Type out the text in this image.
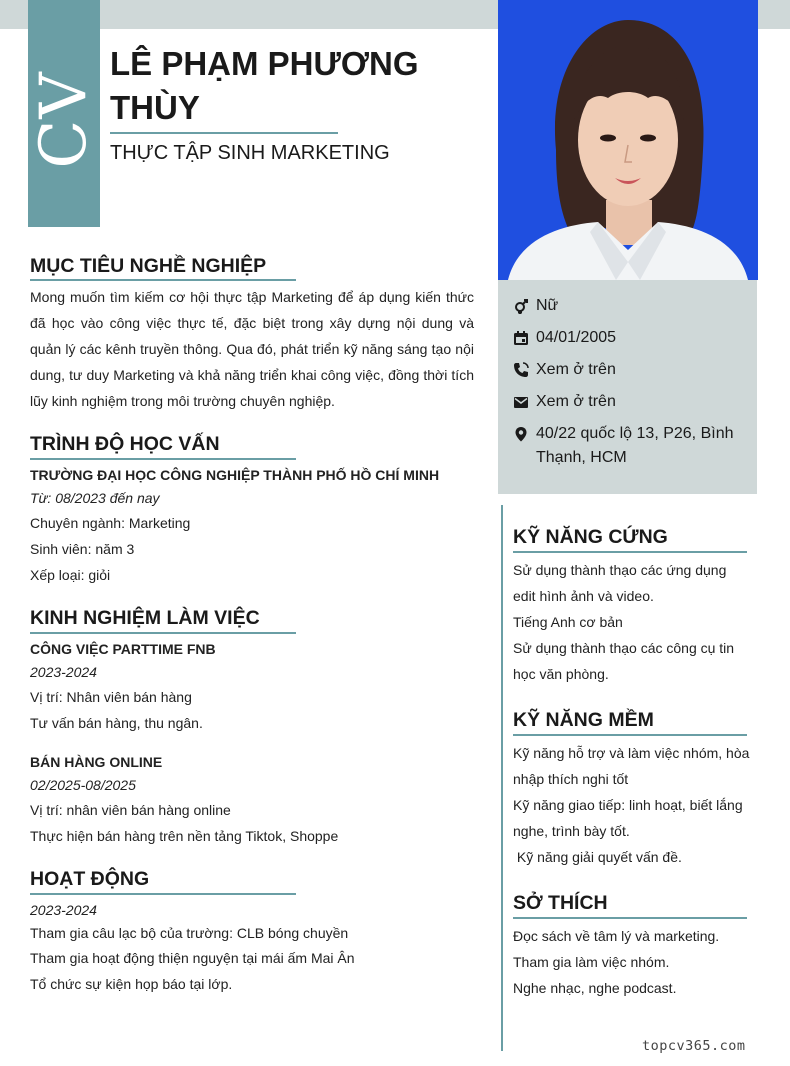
CV
LÊ PHẠM PHƯƠNG THÙY
THỰC TẬP SINH MARKETING
Nữ
04/01/2005
Xem ở trên
Xem ở trên
40/22 quốc lộ 13, P26, Bình Thạnh, HCM
MỤC TIÊU NGHỀ NGHIỆP
Mong muốn tìm kiếm cơ hội thực tập Marketing để áp dụng kiến thức đã học vào công việc thực tế, đặc biệt trong xây dựng nội dung và quản lý các kênh truyền thông. Qua đó, phát triển kỹ năng sáng tạo nội dung, tư duy Marketing và khả năng triển khai công việc, đồng thời tích lũy kinh nghiệm trong môi trường chuyên nghiệp.
TRÌNH ĐỘ HỌC VẤN
TRƯỜNG ĐẠI HỌC CÔNG NGHIỆP THÀNH PHỐ HỒ CHÍ MINH
Từ: 08/2023 đến nay
Chuyên ngành: Marketing
Sinh viên: năm 3
Xếp loại: giỏi
KINH NGHIỆM LÀM VIỆC
CÔNG VIỆC PARTTIME FNB
2023-2024
Vị trí: Nhân viên bán hàng
Tư vấn bán hàng, thu ngân.
BÁN HÀNG ONLINE
02/2025-08/2025
Vị trí: nhân viên bán hàng online
Thực hiện bán hàng trên nền tảng Tiktok, Shoppe
HOẠT ĐỘNG
2023-2024
Tham gia câu lạc bộ của trường: CLB bóng chuyền
Tham gia hoạt động thiện nguyện tại mái ấm Mai Ân
Tổ chức sự kiện họp báo tại lớp.
KỸ NĂNG CỨNG
Sử dụng thành thạo các ứng dụng
edit hình ảnh và video.
Tiếng Anh cơ bản
Sử dụng thành thạo các công cụ tin
học văn phòng.
KỸ NĂNG MỀM
Kỹ năng hỗ trợ và làm việc nhóm, hòa
nhập thích nghi tốt
Kỹ năng giao tiếp: linh hoạt, biết lắng
nghe, trình bày tốt.
Kỹ năng giải quyết vấn đề.
SỞ THÍCH
Đọc sách về tâm lý và marketing.
Tham gia làm việc nhóm.
Nghe nhạc, nghe podcast.
topcv365.com
